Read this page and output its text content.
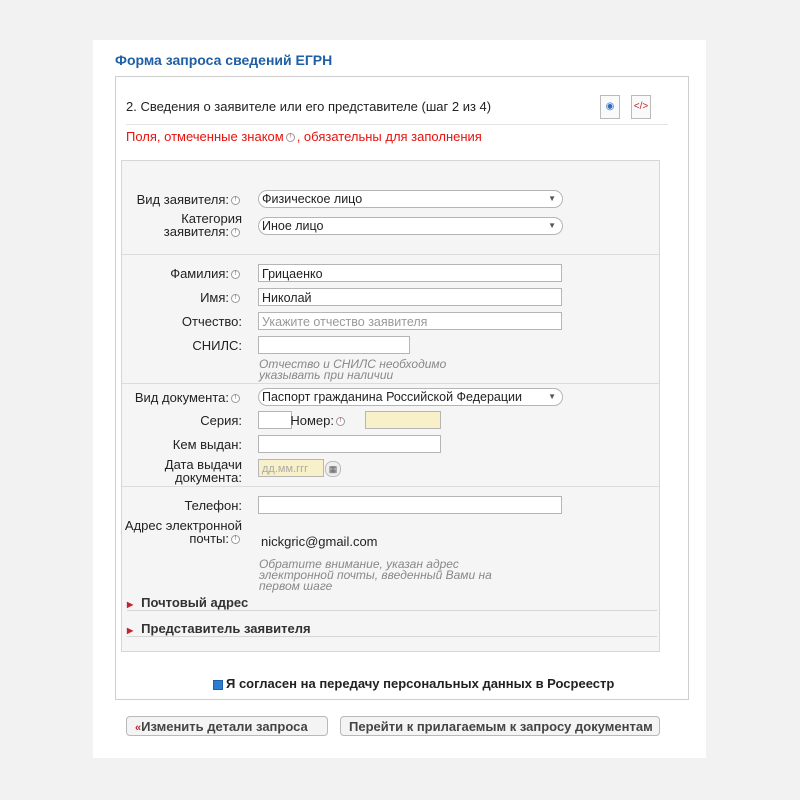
Форма запроса сведений ЕГРН
2. Сведения о заявителе или его представителе (шаг 2 из 4)	◉	</>
Поля, отмеченные знаком ! , обязательны для заполнения
Вид заявителя: !	Физическое лицо	▼
Категория заявителя: !	Иное лицо	▼
Фамилия: !	Грицаенко
Имя: !	Николай
Отчество:	Укажите отчество заявителя
СНИЛС:
Отчество и СНИЛС необходимо указывать при наличии
Вид документа: !	Паспорт гражданина Российской Федерации	▼
Серия:	Номер: !
Кем выдан:
Дата выдачи документа:
дд.мм.ггг	▦
Телефон:
Адрес электронной почты: !	nickgric@gmail.com
Обратите внимание, указан адрес электронной почты, введенный Вами на первом шаге
▶ Почтовый адрес
▶ Представитель заявителя
Я согласен на передачу персональных данных в Росреестр
«Изменить детали запроса	Перейти к прилагаемым к запросу документам
